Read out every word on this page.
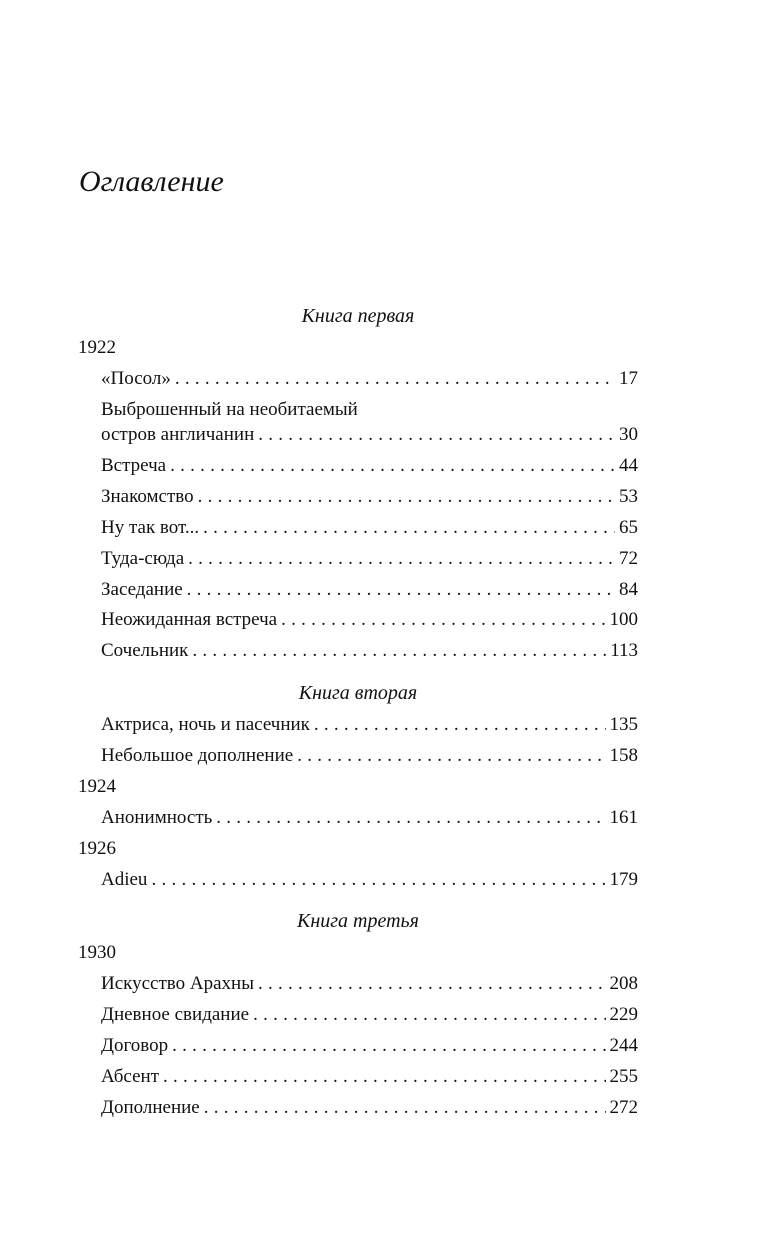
Оглавление
Книга первая
1922
«Посол» . . .	17
Выброшенный на необитаемый
остров англичанин . . .	30
Встреча . . .	44
Знакомство . . .	53
Ну так вот... . . .	65
Туда-сюда . . .	72
Заседание . . .	84
Неожиданная встреча . . .	100
Сочельник . . .	113
Книга вторая
Актриса, ночь и пасечник . . .	135
Небольшое дополнение . . .	158
1924
Анонимность . . .	161
1926
Adieu . . .	179
Книга третья
1930
Искусство Арахны . . .	208
Дневное свидание . . .	229
Договор . . .	244
Абсент . . .	255
Дополнение . . .	272
